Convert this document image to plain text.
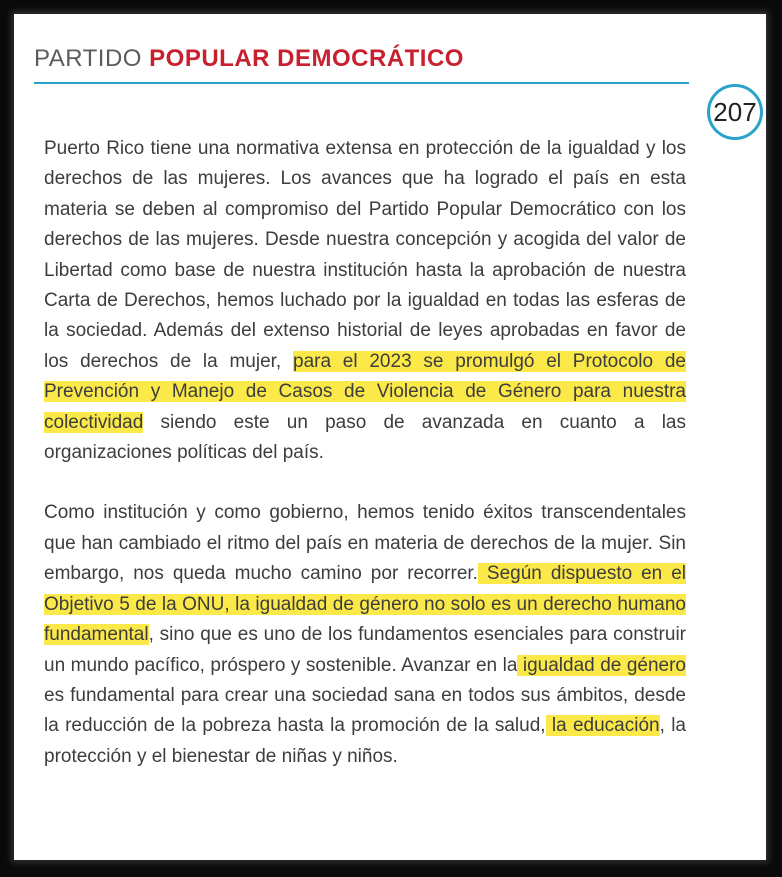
PARTIDO POPULAR DEMOCRÁTICO
207

Puerto Rico tiene una normativa extensa en protección de la igualdad y los derechos de las mujeres. Los avances que ha logrado el país en esta materia se deben al compromiso del Partido Popular Democrático con los derechos de las mujeres. Desde nuestra concepción y acogida del valor de Libertad como base de nuestra institución hasta la aprobación de nuestra Carta de Derechos, hemos luchado por la igualdad en todas las esferas de la sociedad. Además del extenso historial de leyes aprobadas en favor de los derechos de la mujer, para el 2023 se promulgó el Protocolo de Prevención y Manejo de Casos de Violencia de Género para nuestra colectividad siendo este un paso de avanzada en cuanto a las organizaciones políticas del país.

Como institución y como gobierno, hemos tenido éxitos transcendentales que han cambiado el ritmo del país en materia de derechos de la mujer. Sin embargo, nos queda mucho camino por recorrer. Según dispuesto en el Objetivo 5 de la ONU, la igualdad de género no solo es un derecho humano fundamental, sino que es uno de los fundamentos esenciales para construir un mundo pacífico, próspero y sostenible. Avanzar en la igualdad de género es fundamental para crear una sociedad sana en todos sus ámbitos, desde la reducción de la pobreza hasta la promoción de la salud, la educación, la protección y el bienestar de niñas y niños.
